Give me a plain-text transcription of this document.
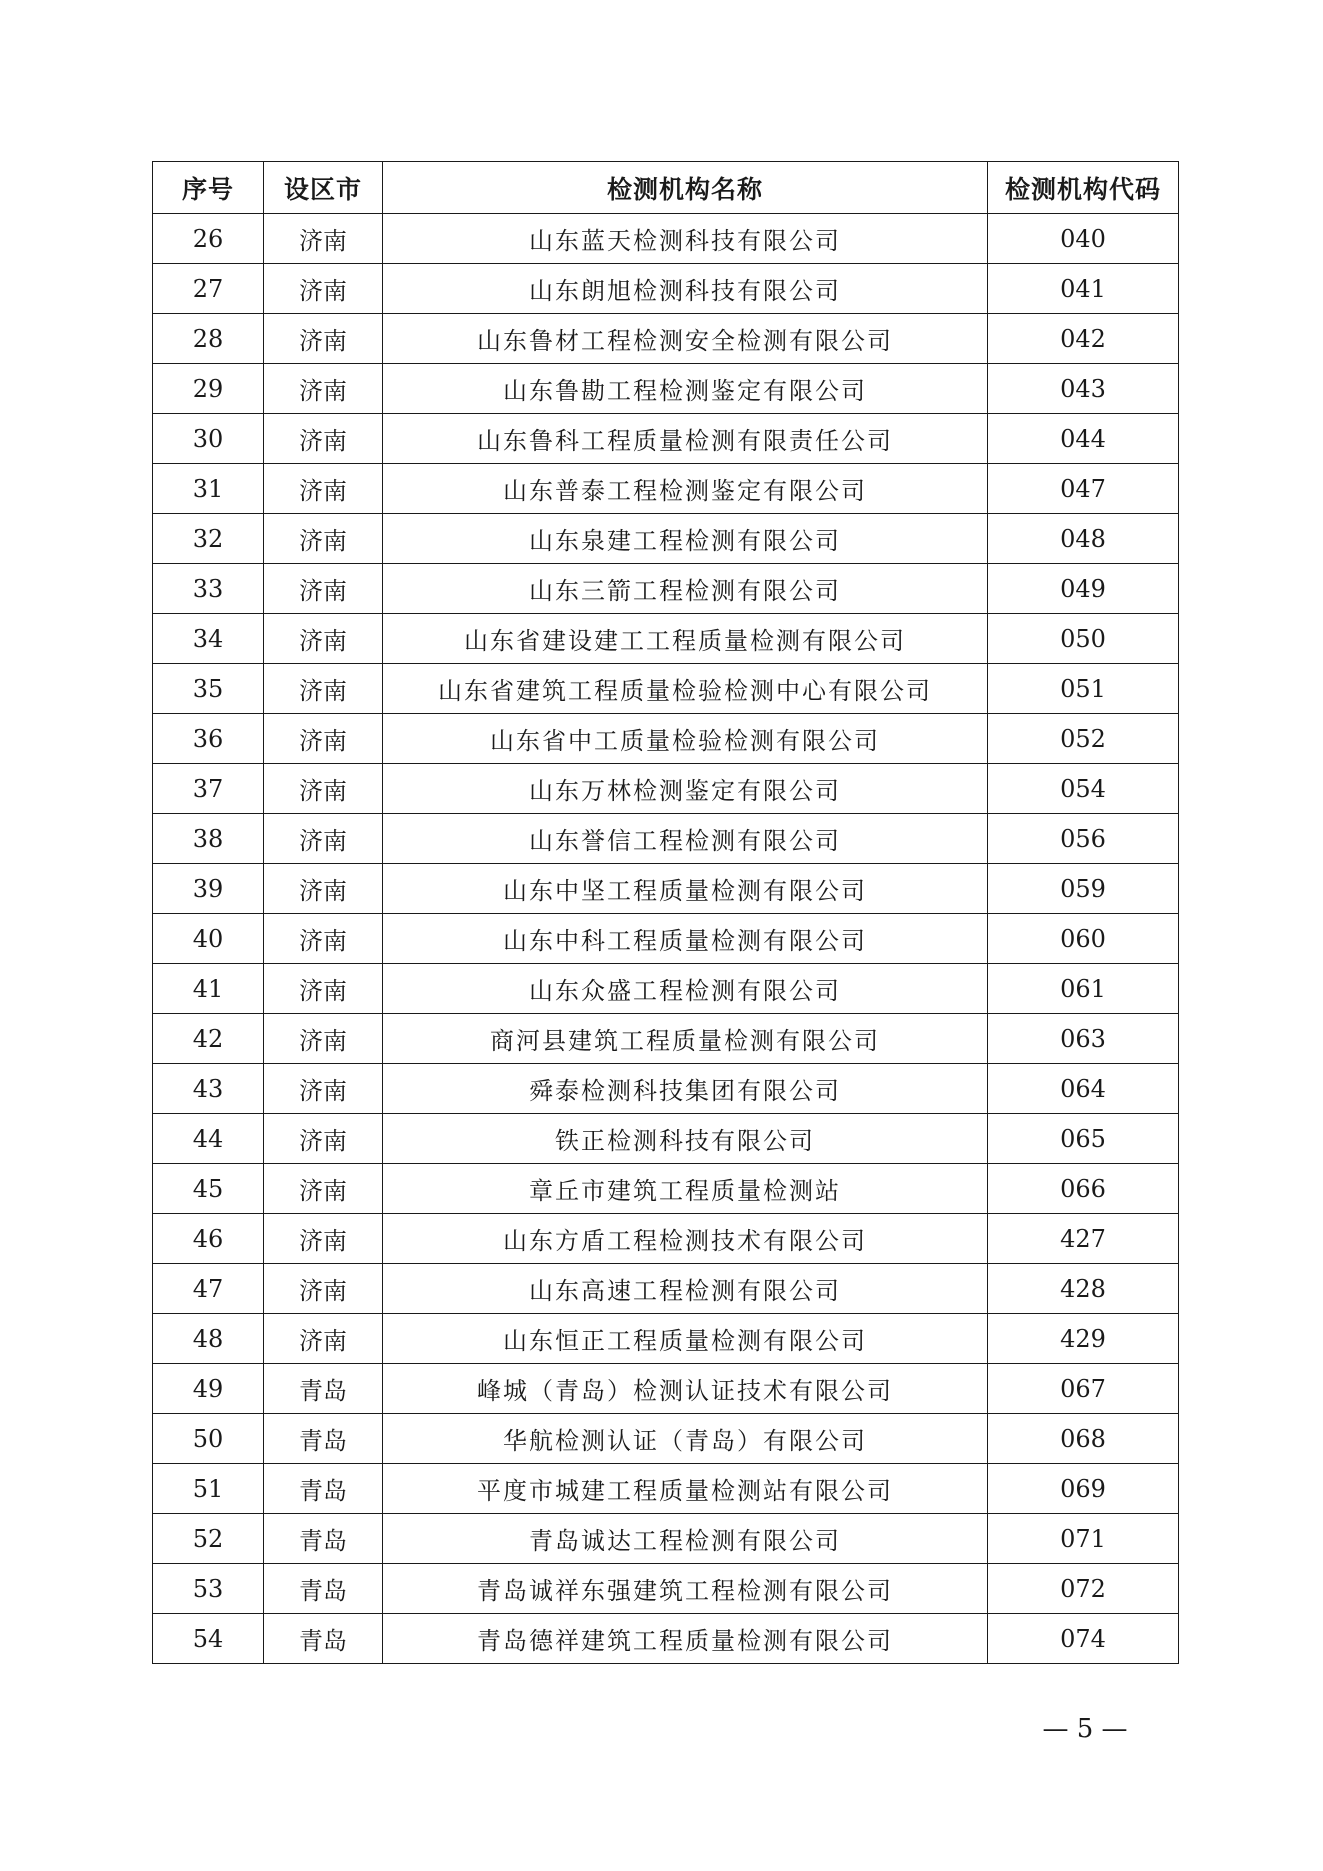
序号	设区市	检测机构名称	检测机构代码
26	济南	山东蓝天检测科技有限公司	040
27	济南	山东朗旭检测科技有限公司	041
28	济南	山东鲁材工程检测安全检测有限公司	042
29	济南	山东鲁勘工程检测鉴定有限公司	043
30	济南	山东鲁科工程质量检测有限责任公司	044
31	济南	山东普泰工程检测鉴定有限公司	047
32	济南	山东泉建工程检测有限公司	048
33	济南	山东三箭工程检测有限公司	049
34	济南	山东省建设建工工程质量检测有限公司	050
35	济南	山东省建筑工程质量检验检测中心有限公司	051
36	济南	山东省中工质量检验检测有限公司	052
37	济南	山东万林检测鉴定有限公司	054
38	济南	山东誉信工程检测有限公司	056
39	济南	山东中坚工程质量检测有限公司	059
40	济南	山东中科工程质量检测有限公司	060
41	济南	山东众盛工程检测有限公司	061
42	济南	商河县建筑工程质量检测有限公司	063
43	济南	舜泰检测科技集团有限公司	064
44	济南	铁正检测科技有限公司	065
45	济南	章丘市建筑工程质量检测站	066
46	济南	山东方盾工程检测技术有限公司	427
47	济南	山东高速工程检测有限公司	428
48	济南	山东恒正工程质量检测有限公司	429
49	青岛	峰城（青岛）检测认证技术有限公司	067
50	青岛	华航检测认证（青岛）有限公司	068
51	青岛	平度市城建工程质量检测站有限公司	069
52	青岛	青岛诚达工程检测有限公司	071
53	青岛	青岛诚祥东强建筑工程检测有限公司	072
54	青岛	青岛德祥建筑工程质量检测有限公司	074
— 5 —
